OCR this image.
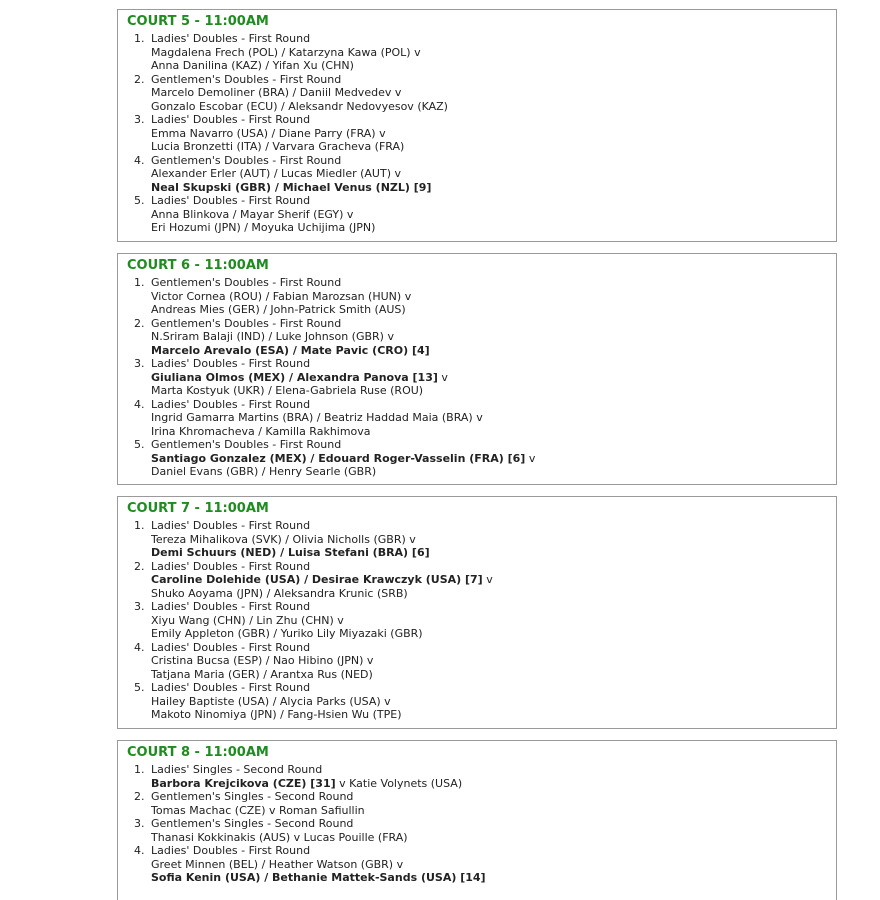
COURT 5 - 11:00AM
1. Ladies' Doubles - First Round
Magdalena Frech (POL) / Katarzyna Kawa (POL) v
Anna Danilina (KAZ) / Yifan Xu (CHN)
2. Gentlemen's Doubles - First Round
Marcelo Demoliner (BRA) / Daniil Medvedev v
Gonzalo Escobar (ECU) / Aleksandr Nedovyesov (KAZ)
3. Ladies' Doubles - First Round
Emma Navarro (USA) / Diane Parry (FRA) v
Lucia Bronzetti (ITA) / Varvara Gracheva (FRA)
4. Gentlemen's Doubles - First Round
Alexander Erler (AUT) / Lucas Miedler (AUT) v
Neal Skupski (GBR) / Michael Venus (NZL) [9]
5. Ladies' Doubles - First Round
Anna Blinkova / Mayar Sherif (EGY) v
Eri Hozumi (JPN) / Moyuka Uchijima (JPN)
COURT 6 - 11:00AM
1. Gentlemen's Doubles - First Round
Victor Cornea (ROU) / Fabian Marozsan (HUN) v
Andreas Mies (GER) / John-Patrick Smith (AUS)
2. Gentlemen's Doubles - First Round
N.Sriram Balaji (IND) / Luke Johnson (GBR) v
Marcelo Arevalo (ESA) / Mate Pavic (CRO) [4]
3. Ladies' Doubles - First Round
Giuliana Olmos (MEX) / Alexandra Panova [13] v
Marta Kostyuk (UKR) / Elena-Gabriela Ruse (ROU)
4. Ladies' Doubles - First Round
Ingrid Gamarra Martins (BRA) / Beatriz Haddad Maia (BRA) v
Irina Khromacheva / Kamilla Rakhimova
5. Gentlemen's Doubles - First Round
Santiago Gonzalez (MEX) / Edouard Roger-Vasselin (FRA) [6] v
Daniel Evans (GBR) / Henry Searle (GBR)
COURT 7 - 11:00AM
1. Ladies' Doubles - First Round
Tereza Mihalikova (SVK) / Olivia Nicholls (GBR) v
Demi Schuurs (NED) / Luisa Stefani (BRA) [6]
2. Ladies' Doubles - First Round
Caroline Dolehide (USA) / Desirae Krawczyk (USA) [7] v
Shuko Aoyama (JPN) / Aleksandra Krunic (SRB)
3. Ladies' Doubles - First Round
Xiyu Wang (CHN) / Lin Zhu (CHN) v
Emily Appleton (GBR) / Yuriko Lily Miyazaki (GBR)
4. Ladies' Doubles - First Round
Cristina Bucsa (ESP) / Nao Hibino (JPN) v
Tatjana Maria (GER) / Arantxa Rus (NED)
5. Ladies' Doubles - First Round
Hailey Baptiste (USA) / Alycia Parks (USA) v
Makoto Ninomiya (JPN) / Fang-Hsien Wu (TPE)
COURT 8 - 11:00AM
1. Ladies' Singles - Second Round
Barbora Krejcikova (CZE) [31] v Katie Volynets (USA)
2. Gentlemen's Singles - Second Round
Tomas Machac (CZE) v Roman Safiullin
3. Gentlemen's Singles - Second Round
Thanasi Kokkinakis (AUS) v Lucas Pouille (FRA)
4. Ladies' Doubles - First Round
Greet Minnen (BEL) / Heather Watson (GBR) v
Sofia Kenin (USA) / Bethanie Mattek-Sands (USA) [14]
